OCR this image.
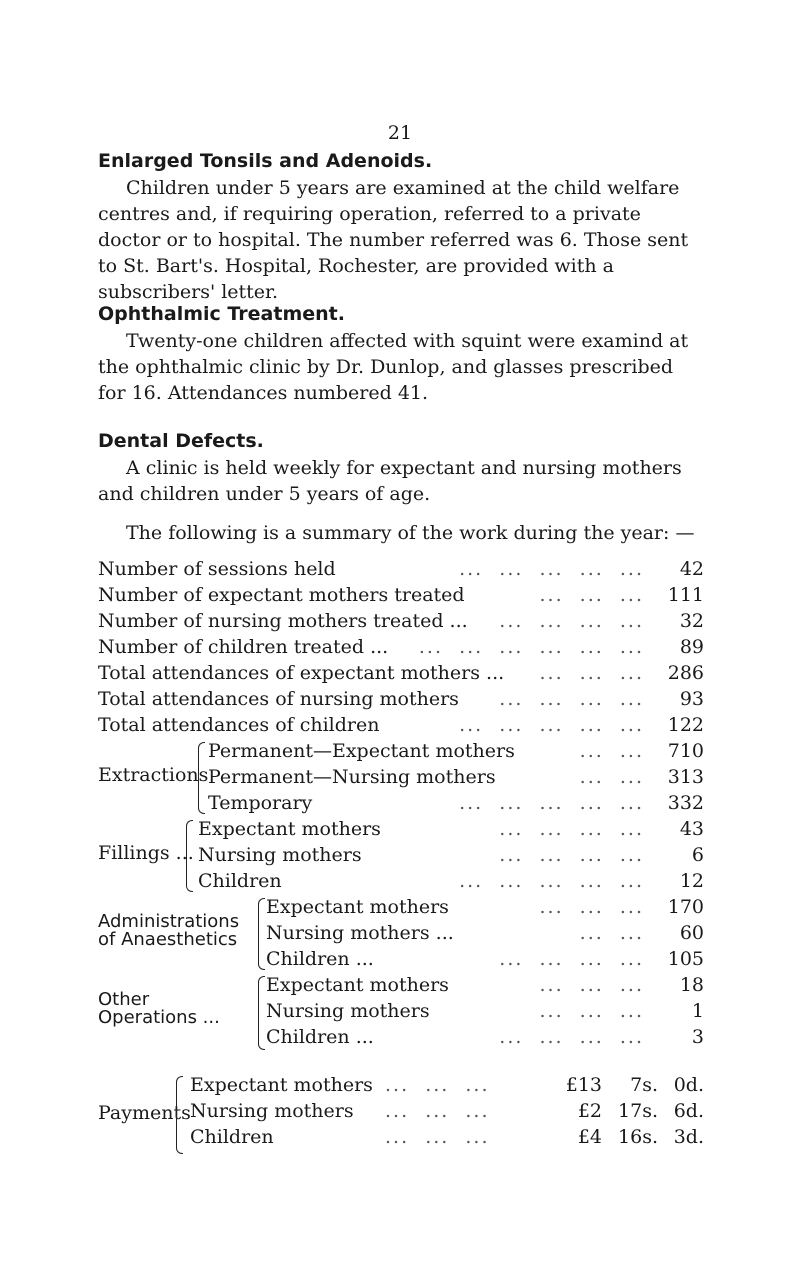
21
Enlarged Tonsils and Adenoids.

Children under 5 years are examined at the child welfare centres and, if requiring operation, referred to a private doctor or to hospital. The number referred was 6. Those sent to St. Bart's. Hospital, Rochester, are provided with a subscribers' letter.

Ophthalmic Treatment.

Twenty-one children affected with squint were examind at the ophthalmic clinic by Dr. Dunlop, and glasses prescribed for 16. Attendances numbered 41.

Dental Defects.

A clinic is held weekly for expectant and nursing mothers and children under 5 years of age.

The following is a summary of the work during the year: —

...  ...  ...  ...  ...
Number of sessions held	42
...  ...  ...
Number of expectant mothers treated	111
...  ...  ...  ...
Number of nursing mothers treated ...	32
...  ...  ...  ...  ...  ...
Number of children treated ...	89
...  ...  ...
Total attendances of expectant mothers ...	286
...  ...  ...  ...
Total attendances of nursing mothers	93
...  ...  ...  ...  ...
Total attendances of children	122
Extractions
...  ...
Permanent—Expectant mothers	710
...  ...
Permanent—Nursing mothers	313
...  ...  ...  ...  ...
Temporary	332
Fillings ...
...  ...  ...  ...
Expectant mothers	43
...  ...  ...  ...
Nursing mothers	6
...  ...  ...  ...  ...
Children	12
Administrations
of Anaesthetics
...  ...  ...
Expectant mothers	170
...  ...
Nursing mothers ...	60
...  ...  ...  ...
Children ...	105
Other
Operations ...
...  ...  ...
Expectant mothers	18
...  ...  ...
Nursing mothers	1
...  ...  ...  ...
Children ...	3
Payments
Expectant mothers ...  ...  ...	£13	7s. 0d.
Nursing mothers ...  ...  ...	£2 17s. 6d.
Children	...  ...  ...	£4 16s. 3d.
